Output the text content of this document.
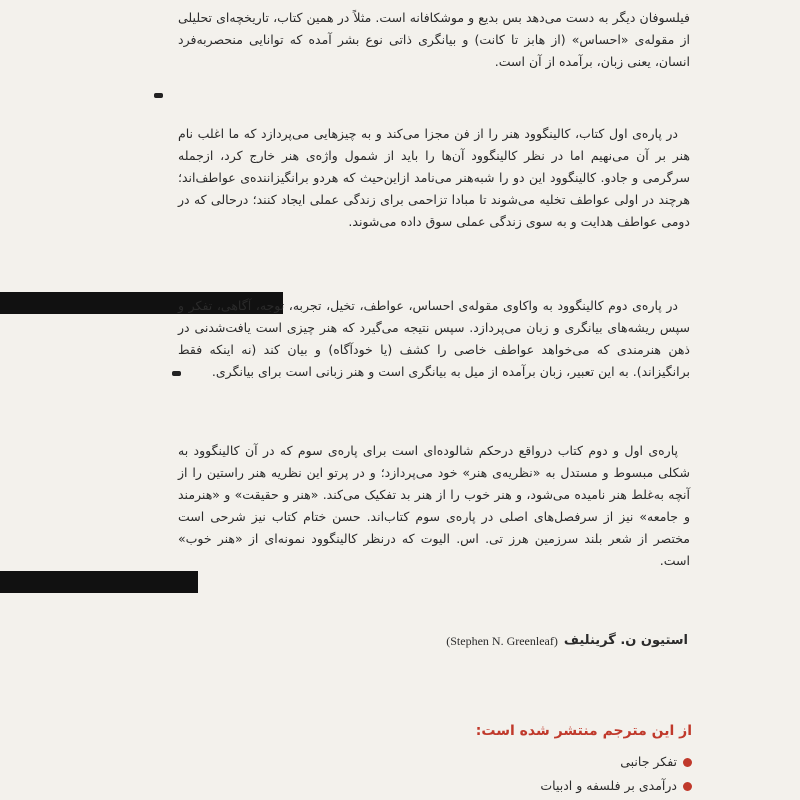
فیلسوفان دیگر به دست می‌دهد بس بدیع و موشکافانه است. مثلاً در همین کتاب، تاریخچه‌ای تحلیلی از مقوله‌ی «احساس» (از هابز تا کانت) و بیانگری ذاتی نوع بشر آمده که توانایی منحصربه‌فرد انسان، یعنی زبان، برآمده از آن است.

در پاره‌ی اول کتاب، کالینگوود هنر را از فن مجزا می‌کند و به چیزهایی می‌پردازد که ما اغلب نام هنر بر آن می‌نهیم اما در نظر کالینگوود آن‌ها را باید از شمول واژه‌ی هنر خارج کرد، ازجمله سرگرمی و جادو. کالینگوود این دو را شبه‌هنر می‌نامد ازاین‌حیث که هردو برانگیزاننده‌ی عواطف‌اند؛ هرچند در اولی عواطف تخلیه می‌شوند تا مبادا تزاحمی برای زندگی عملی ایجاد کنند؛ درحالی که در دومی عواطف هدایت و به سوی زندگی عملی سوق داده می‌شوند.

در پاره‌ی دوم کالینگوود به واکاوی مقوله‌ی احساس، عواطف، تخیل، تجربه، توجه، آگاهی، تفکر و سپس ریشه‌های بیانگری و زبان می‌پردازد. سپس نتیجه می‌گیرد که هنر چیزی است یافت‌شدنی در ذهن هنرمندی که می‌خواهد عواطف خاصی را کشف (یا خودآگاه) و بیان کند (نه اینکه فقط برانگیزاند). به این تعبیر، زبان برآمده از میل به بیانگری است و هنر زبانی است برای بیانگری.

پاره‌ی اول و دوم کتاب درواقع درحکم شالوده‌ای است برای پاره‌ی سوم که در آن کالینگوود به شکلی مبسوط و مستدل به «نظریه‌ی هنر» خود می‌پردازد؛ و در پرتو این نظریه هنر راستین را از آنچه به‌غلط هنر نامیده می‌شود، و هنر خوب را از هنر بد تفکیک می‌کند. «هنر و حقیقت» و «هنرمند و جامعه» نیز از سرفصل‌های اصلی در پاره‌ی سوم کتاب‌اند. حسن ختام کتاب نیز شرحی است مختصر از شعر بلند سرزمین هرز تی. اس. الیوت که درنظر کالینگوود نمونه‌ای از «هنر خوب» است.

(Stephen N. Greenleaf) استیون ن. گرینلیف
از این مترجم منتشر شده است:
تفکر جانبی
درآمدی بر فلسفه و ادبیات
